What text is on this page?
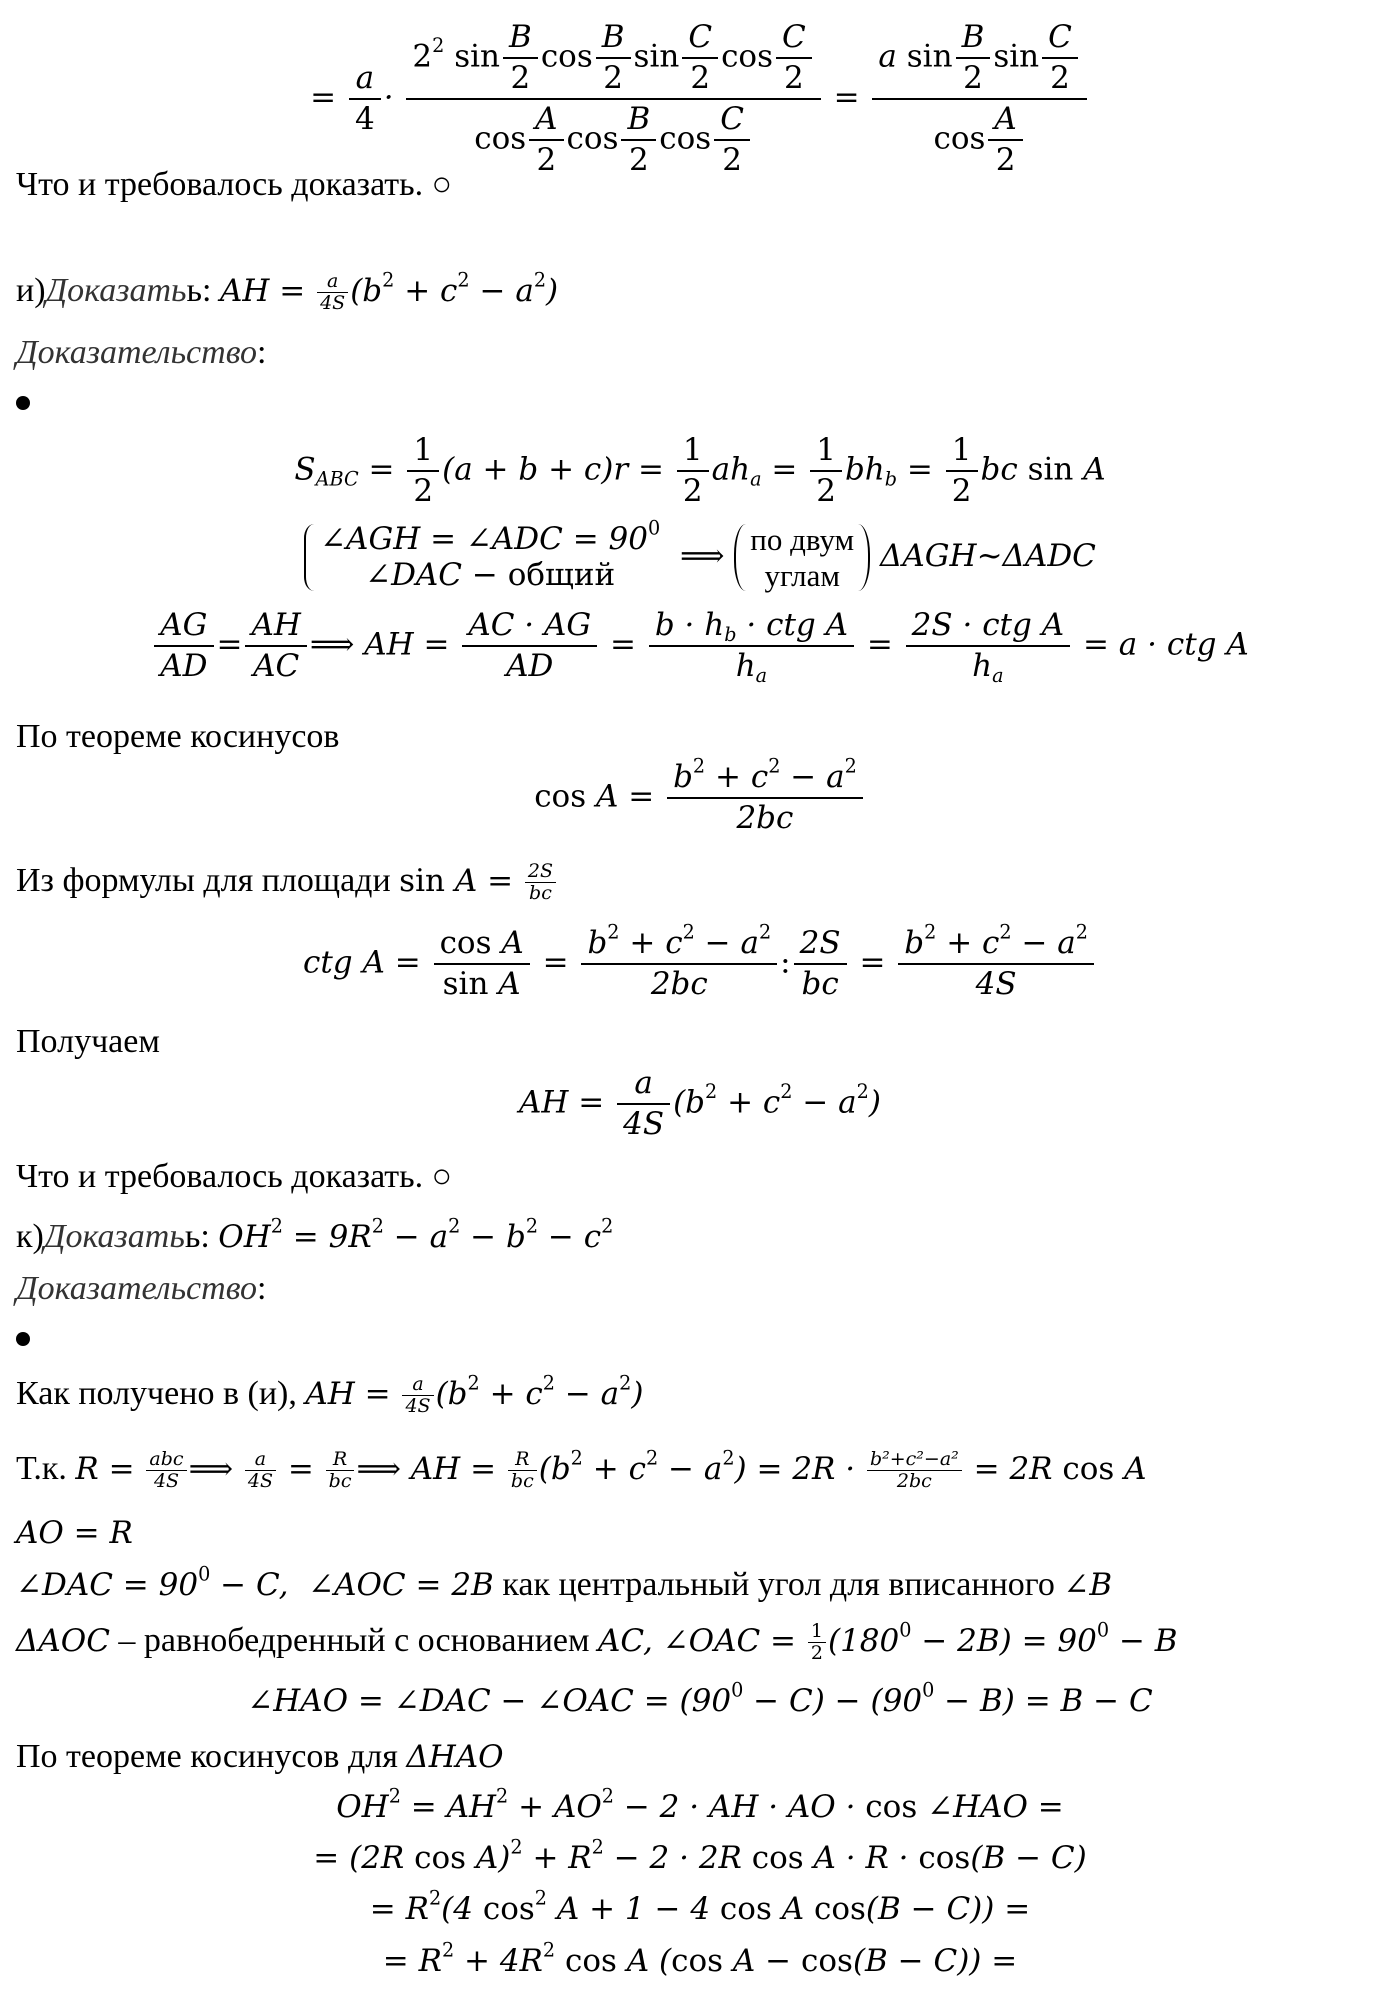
= $\frac{a}{4} \cdot \frac{2^2 \sin \frac{B}{2} \cos \frac{B}{2} \sin \frac{C}{2} \cos \frac{C}{2}}{\cos \frac{A}{2} \cos \frac{B}{2} \cos \frac{C}{2}} = \frac{a \sin \frac{B}{2} \sin \frac{C}{2}}{\cos \frac{A}{2}}$
Что и требовалось доказать. ○
и)Доказатьь: AH = $\frac{a}{4S} (b^2 + c^2 - a^2)$
Доказательство:
$S_{ABC} = \frac{1}{2} (a + b + c)r = \frac{1}{2} ah_a = \frac{1}{2} bh_b = \frac{1}{2}$ bc sin A
∠AGH = ∠ADC = $90^0$
∠DAC − общий
⟹ по двум
углам
ΔAGH~ΔADC
$\frac{AG}{AD} = \frac{AH}{AC}$ ⟹ AH = $\frac{AC \cdot AG}{AD}$ =
$b \cdot h_b$ · ctg A
$h_a$
=
2S · ctg A
$h_a$
= a · ctg A
По теореме косинусов
$\cos A = \frac{b^2 + c^2 - a^2}{2bc}$
Из формулы для площади $\sin A = \frac{2S}{bc}$
ctg $A = \frac{\text{cos A}}{\text{sin A}} = \frac{b^2 + c^2 - a^2}{2bc}$ : $\frac{2S}{bc} = \frac{b^2 + c^2 - a^2}{4S}$
Получаем
AH = $\frac{a}{4S} (b^2 + c^2 - a^2)$
Что и требовалось доказать. ○
к)Доказатьь: $OH^2 = 9R^2 - a^2 - b^2 - c^2$
Доказательство:
Как получено в (и), AH = $\frac{a}{4S} (b^2 + c^2 - a^2)$
Т.к. R = abc
4S ⟹ $\frac{a}{4S} = \frac{R}{bc}$ ⟹ AH = $\frac{R}{bc} (b^2 + c^2 - a^2) = 2R \cdot \frac{\text{b²+c²−a²}}{2bc} = 2R$ cos A
AO = R
∠DAC = $90^0 - C$,  ∠AOC = 2B как центральный угол для вписанного ∠B
ΔAOC – равнобедренный с основанием AC, ∠OAC = $\frac{1}{2} (180^0 - 2B) = 90^0 - B$
∠HAO = ∠DAC − ∠OAC = $(90^0 - C) - (90^0 - B) = B - C$
По теореме косинусов для ΔHAO
$OH^2 = AH^2 + AO^2 - 2$ · AH · AO · cos ∠HAO =
= (2R $\cos A)^2 + R^2 - 2 \cdot 2R$ cos A · R · cos(B − C)
= $R^2(4$ $\cos^2 A + 1 - 4$ cos A cos(B − C)) =
= $R^2 + 4R^2$ cos A (cos A − cos(B − C)) =
